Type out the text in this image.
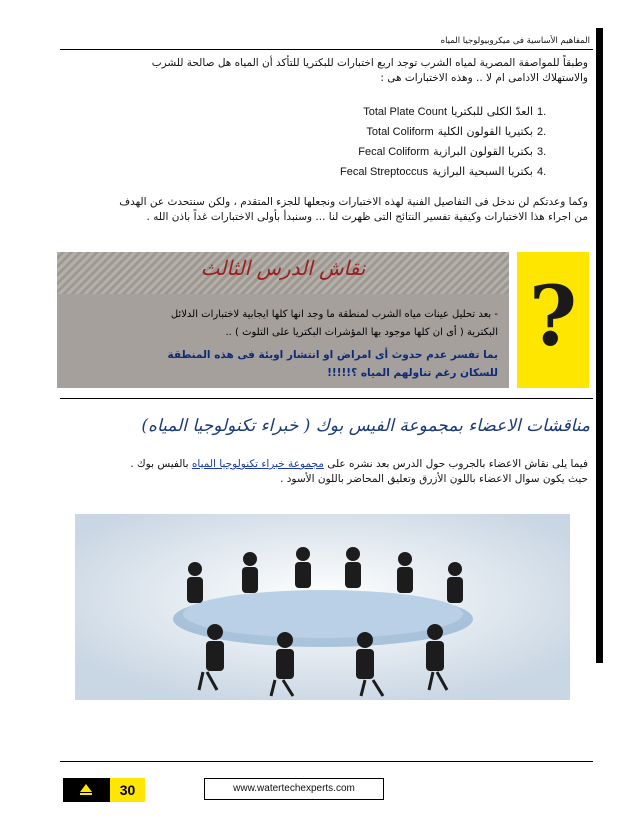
المفاهيم الأساسية فى ميكروبيولوجيا المياه
وطبقاً للمواصفة المصرية لمياه الشرب توجد اربع اختبارات للبكتريا للتأكد أن المياه هل صالحة للشرب
والاستهلاك الادامى ام لا .. وهذه الاختبارات هى :
Total Plate Count العدّ الكلى للبكتريا 1.
Total Coliform بكتيريا القولون الكلية 2.
Fecal Coliform بكتريا القولون البرازية 3.
Fecal Streptoccus بكتريا السبحية البرازية 4.
وكما وعدتكم لن ندخل فى التفاصيل الفنية لهذه الاختبارات ونجعلها للجزء المتقدم ، ولكن سنتحدث عن الهدف
من اجراء هذا الاختبارات وكيفية تفسير النتائج التى ظهرت لنا ... وسنبدأ بأولى الاختبارات غداً باذن الله .
نقاش الدرس الثالث
- بعد تحليل عينات مياه الشرب لمنطقة ما وجد انها كلها ايجابية لاختبارات الدلائل
البكترية ( أى ان كلها موجود بها المؤشرات البكتريا على التلوث ) ..
بما تفسر عدم حدوث أى امراض او انتشار اوبئة فى هذه المنطقة
للسكان رغم تناولهم المياه ؟!!!!!
?
مناقشات الاعضاء بمجموعة الفيس بوك ( خبراء تكنولوجيا المياه)
فيما يلى نقاش الاعضاء بالجروب حول الدرس بعد نشره على مجموعة خبراء تكنولوجيا المياه بالفيس بوك .
حيث يكون سوال الاعضاء باللون الأزرق وتعليق المحاضر باللون الأسود .
30	www.watertechexperts.com
